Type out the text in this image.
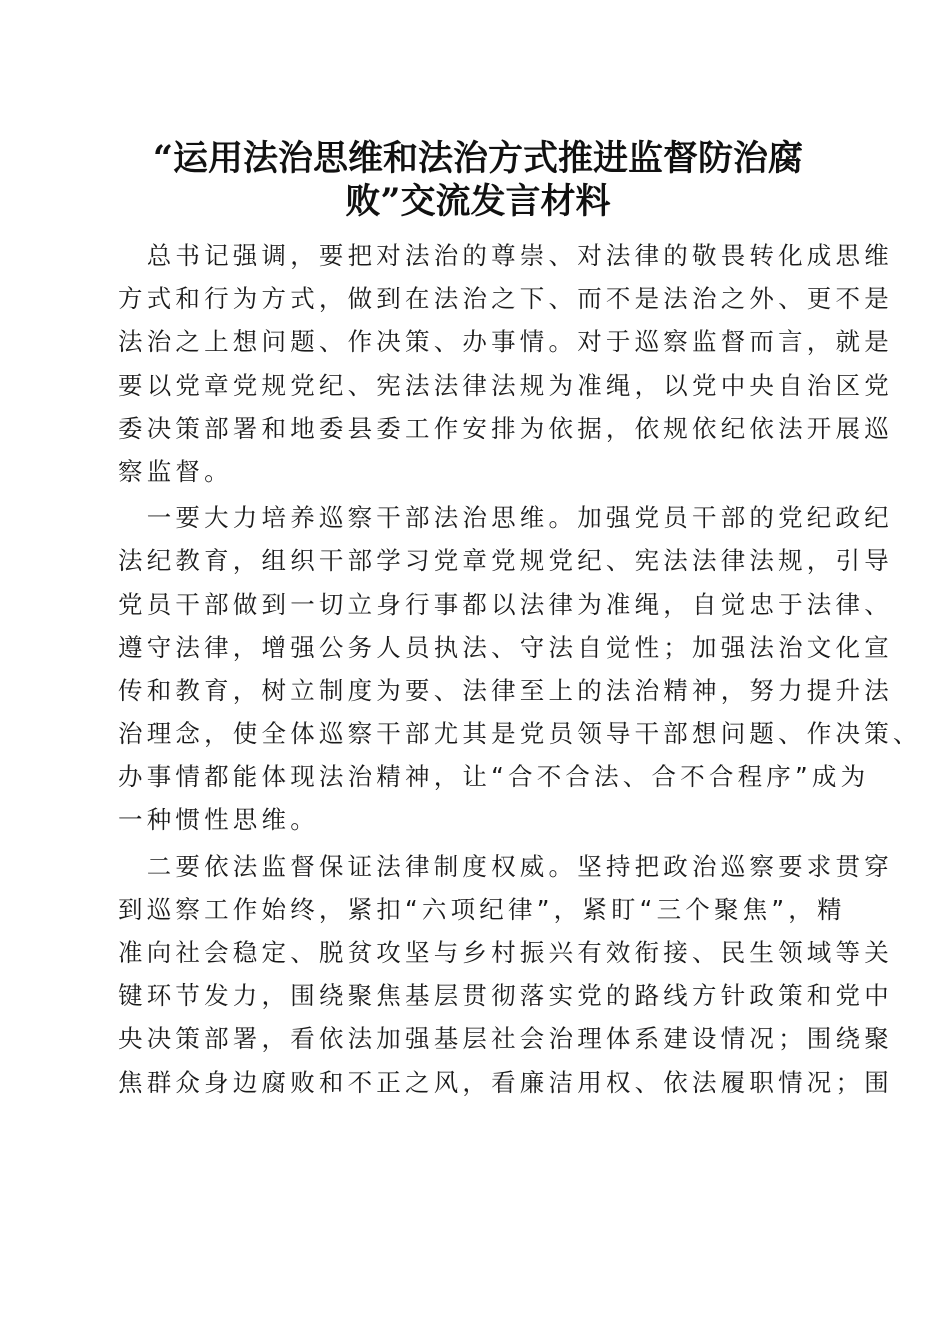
“运用法治思维和法治方式推进监督防治腐
败”交流发言材料
　总书记强调，要把对法治的尊崇、对法律的敬畏转化成思维
方式和行为方式，做到在法治之下、而不是法治之外、更不是
法治之上想问题、作决策、办事情。对于巡察监督而言，就是
要以党章党规党纪、宪法法律法规为准绳，以党中央自治区党
委决策部署和地委县委工作安排为依据，依规依纪依法开展巡
察监督。
　一要大力培养巡察干部法治思维。加强党员干部的党纪政纪
法纪教育，组织干部学习党章党规党纪、宪法法律法规，引导
党员干部做到一切立身行事都以法律为准绳，自觉忠于法律、
遵守法律，增强公务人员执法、守法自觉性；加强法治文化宣
传和教育，树立制度为要、法律至上的法治精神，努力提升法
治理念，使全体巡察干部尤其是党员领导干部想问题、作决策、
办事情都能体现法治精神，让“合不合法、合不合程序”成为
一种惯性思维。
　二要依法监督保证法律制度权威。坚持把政治巡察要求贯穿
到巡察工作始终，紧扣“六项纪律”，紧盯“三个聚焦”，精
准向社会稳定、脱贫攻坚与乡村振兴有效衔接、民生领域等关
键环节发力，围绕聚焦基层贯彻落实党的路线方针政策和党中
央决策部署，看依法加强基层社会治理体系建设情况；围绕聚
焦群众身边腐败和不正之风，看廉洁用权、依法履职情况；围
